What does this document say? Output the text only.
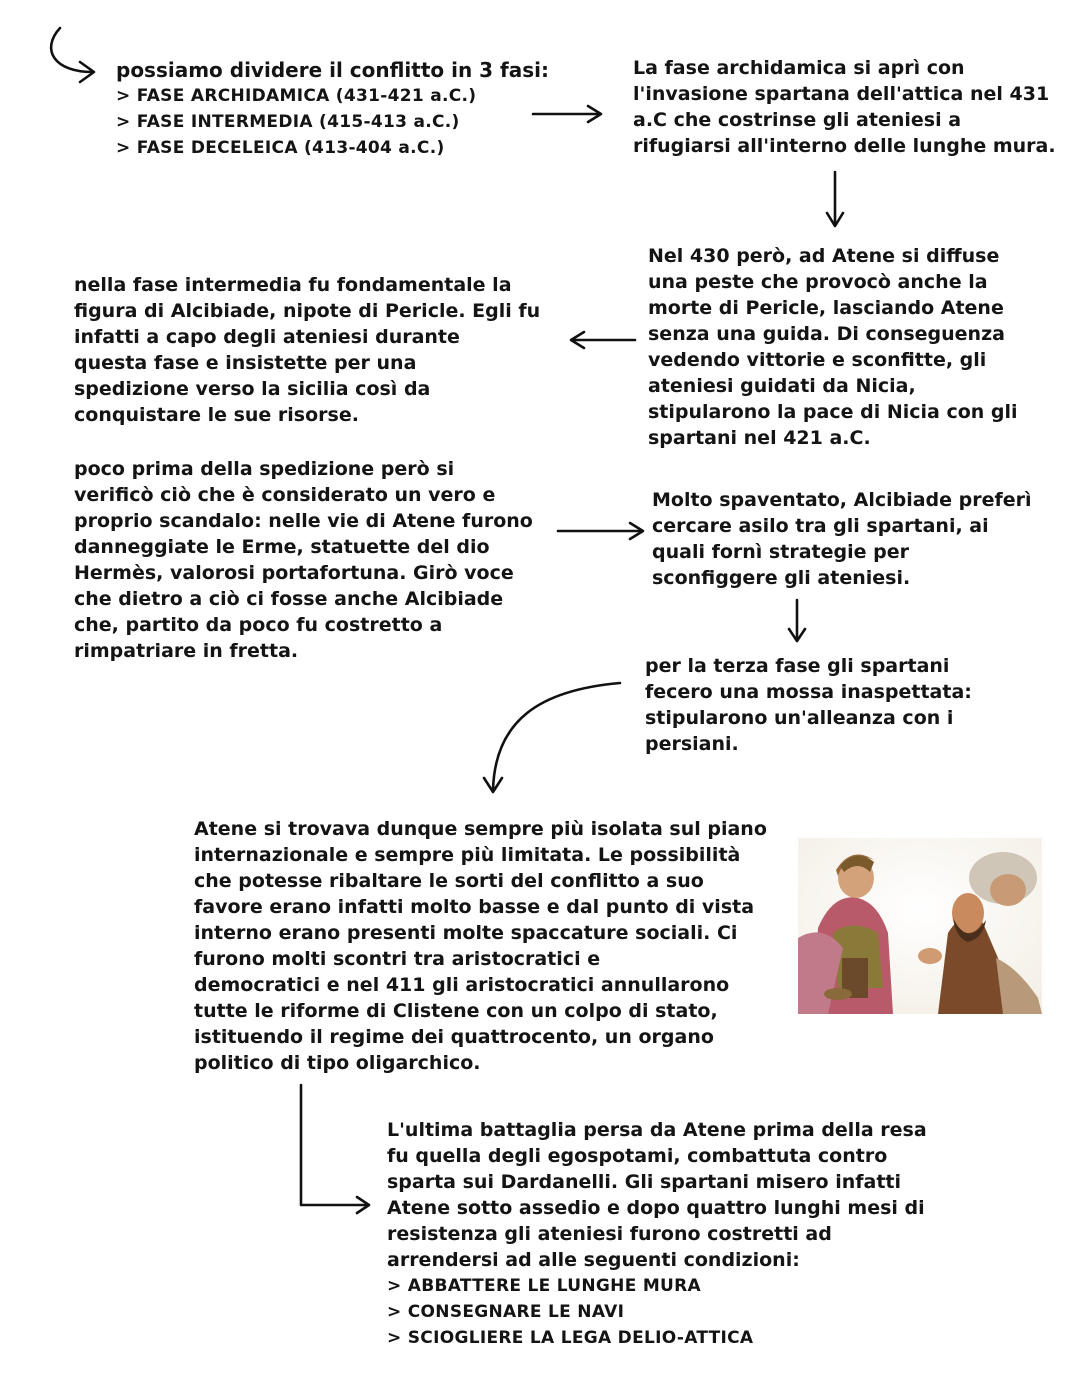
possiamo dividere il conflitto in 3 fasi:

> FASE ARCHIDAMICA (431-421 a.C.)

> FASE INTERMEDIA (415-413 a.C.)

> FASE DECELEICA (413-404 a.C.)

La fase archidamica si aprì con

l'invasione spartana dell'attica nel 431

a.C che costrinse gli ateniesi a

rifugiarsi all'interno delle lunghe mura.

Nel 430 però, ad Atene si diffuse

una peste che provocò anche la

morte di Pericle, lasciando Atene

senza una guida. Di conseguenza

vedendo vittorie e sconfitte, gli

ateniesi guidati da Nicia,

stipularono la pace di Nicia con gli

spartani nel 421 a.C.

nella fase intermedia fu fondamentale la

figura di Alcibiade, nipote di Pericle. Egli fu

infatti a capo degli ateniesi durante

questa fase e insistette per una

spedizione verso la sicilia così da

conquistare le sue risorse.

poco prima della spedizione però si

verificò ciò che è considerato un vero e

proprio scandalo: nelle vie di Atene furono

danneggiate le Erme, statuette del dio

Hermès, valorosi portafortuna. Girò voce

che dietro a ciò ci fosse anche Alcibiade

che, partito da poco fu costretto a

rimpatriare in fretta.

Molto spaventato, Alcibiade preferì

cercare asilo tra gli spartani, ai

quali fornì strategie per

sconfiggere gli ateniesi.

per la terza fase gli spartani

fecero una mossa inaspettata:

stipularono un'alleanza con i

persiani.

Atene si trovava dunque sempre più isolata sul piano

internazionale e sempre più limitata. Le possibilità

che potesse ribaltare le sorti del conflitto a suo

favore erano infatti molto basse e dal punto di vista

interno erano presenti molte spaccature sociali. Ci

furono molti scontri tra aristocratici e

democratici e nel 411 gli aristocratici annullarono

tutte le riforme di Clistene con un colpo di stato,

istituendo il regime dei quattrocento, un organo

politico di tipo oligarchico.

L'ultima battaglia persa da Atene prima della resa

fu quella degli egospotami, combattuta contro

sparta sui Dardanelli. Gli spartani misero infatti

Atene sotto assedio e dopo quattro lunghi mesi di

resistenza gli ateniesi furono costretti ad

arrendersi ad alle seguenti condizioni:

> ABBATTERE LE LUNGHE MURA

> CONSEGNARE LE NAVI

> SCIOGLIERE LA LEGA DELIO-ATTICA
